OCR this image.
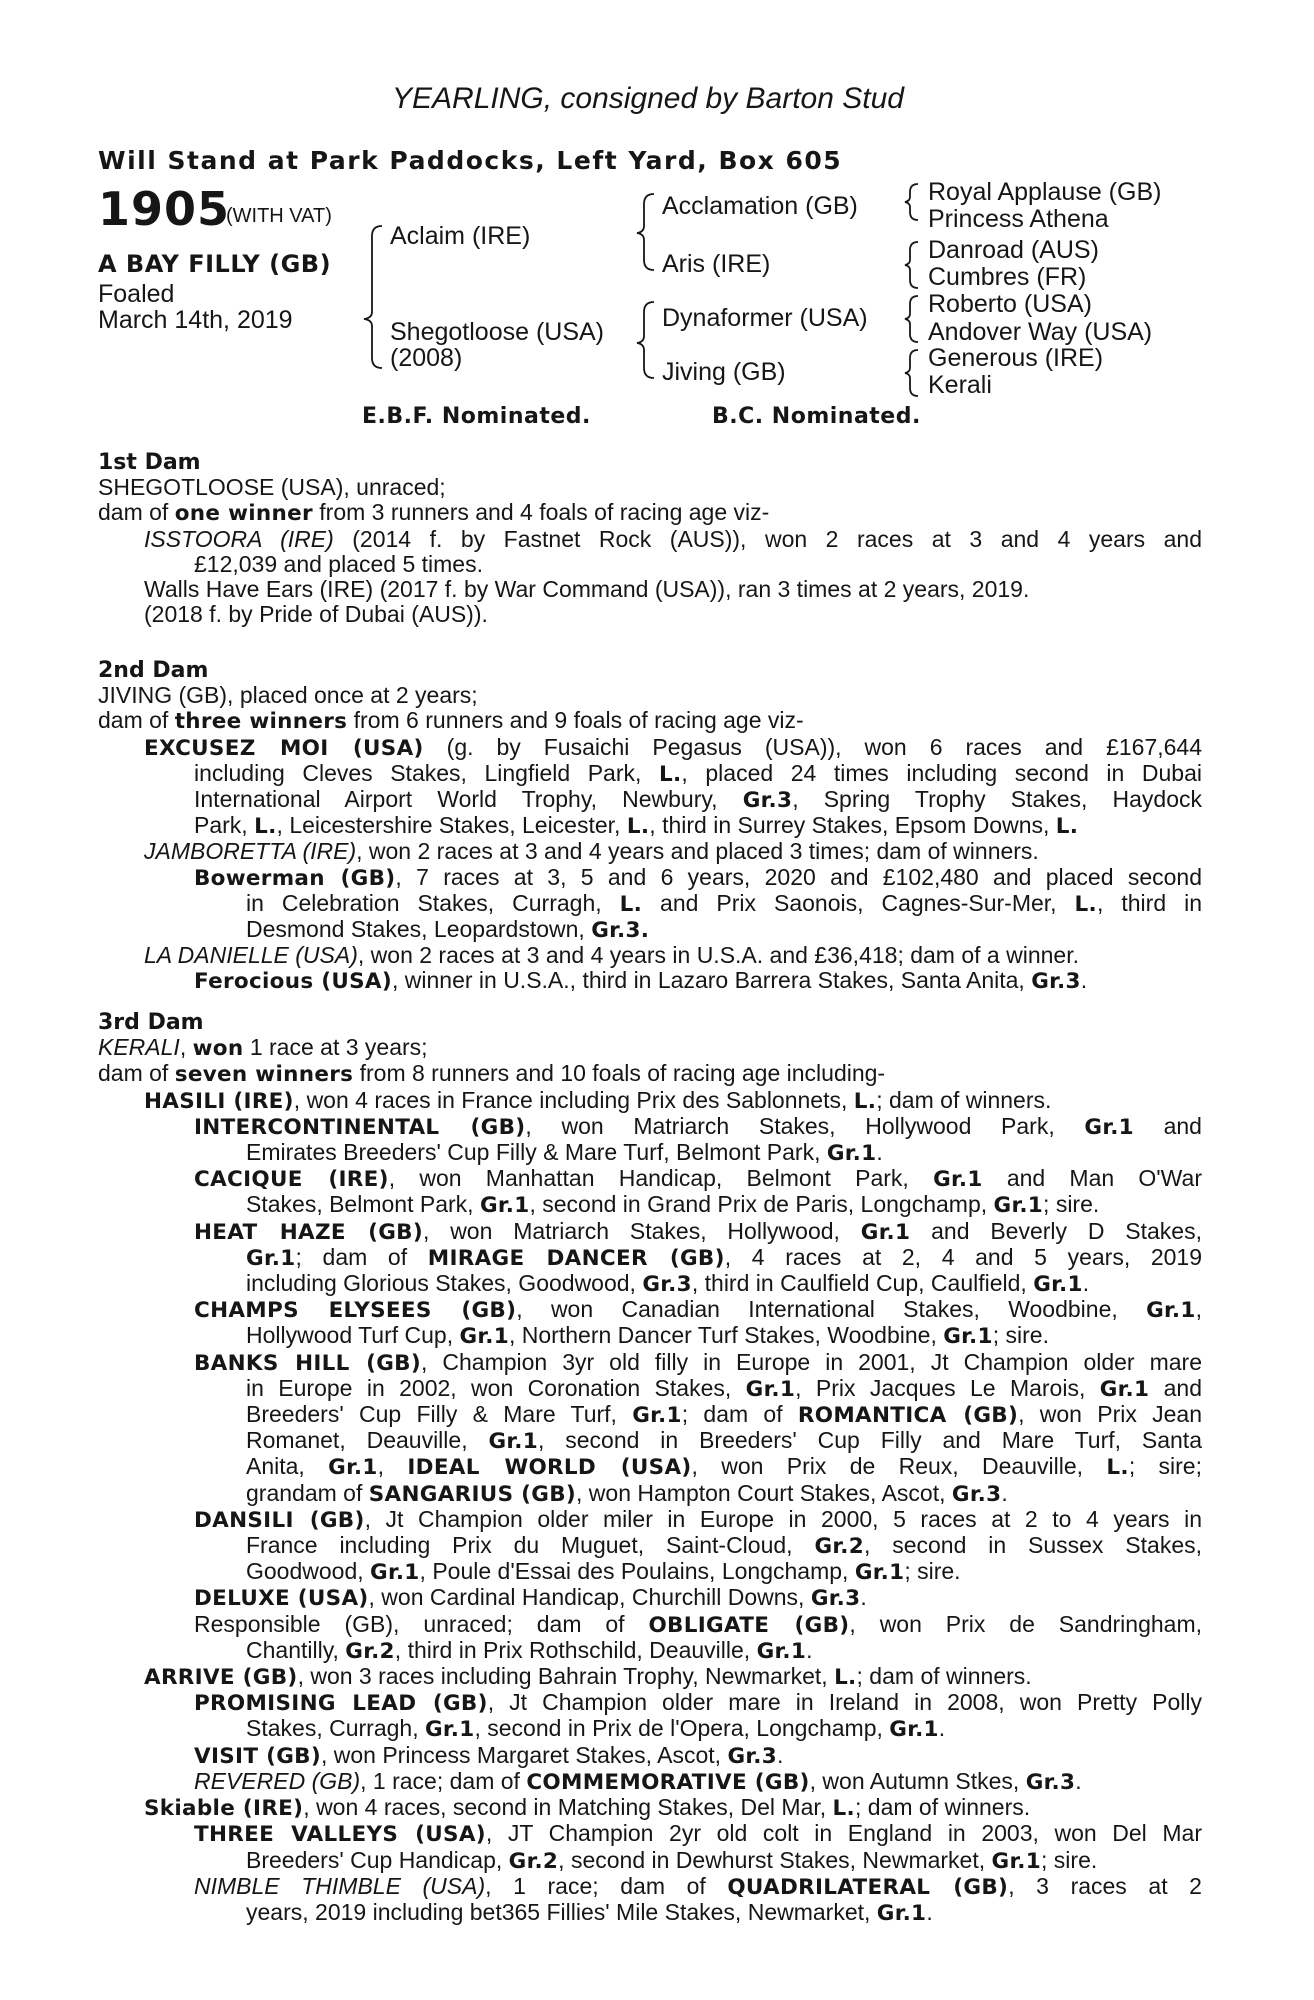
YEARLING, consigned by Barton Stud
Will Stand at Park Paddocks, Left Yard, Box 605
1905
(WITH VAT)
A BAY FILLY (GB)
Foaled
March 14th, 2019
Aclaim (IRE)
Shegotloose (USA)
(2008)
Acclamation (GB)
Aris (IRE)
Dynaformer (USA)
Jiving (GB)
Royal Applause (GB)
Princess Athena
Danroad (AUS)
Cumbres (FR)
Roberto (USA)
Andover Way (USA)
Generous (IRE)
Kerali
E.B.F. Nominated.	B.C. Nominated.
1st Dam
SHEGOTLOOSE (USA), unraced;
dam of one winner from 3 runners and 4 foals of racing age viz-
ISSTOORA (IRE) (2014 f. by Fastnet Rock (AUS)), won 2 races at 3 and 4 years and
£12,039 and placed 5 times.
Walls Have Ears (IRE) (2017 f. by War Command (USA)), ran 3 times at 2 years, 2019.
(2018 f. by Pride of Dubai (AUS)).
2nd Dam
JIVING (GB), placed once at 2 years;
dam of three winners from 6 runners and 9 foals of racing age viz-
EXCUSEZ MOI (USA) (g. by Fusaichi Pegasus (USA)), won 6 races and £167,644
including Cleves Stakes, Lingfield Park, L., placed 24 times including second in Dubai
International Airport World Trophy, Newbury, Gr.3, Spring Trophy Stakes, Haydock
Park, L., Leicestershire Stakes, Leicester, L., third in Surrey Stakes, Epsom Downs, L.
JAMBORETTA (IRE), won 2 races at 3 and 4 years and placed 3 times; dam of winners.
Bowerman (GB), 7 races at 3, 5 and 6 years, 2020 and £102,480 and placed second
in Celebration Stakes, Curragh, L. and Prix Saonois, Cagnes-Sur-Mer, L., third in
Desmond Stakes, Leopardstown, Gr.3.
LA DANIELLE (USA), won 2 races at 3 and 4 years in U.S.A. and £36,418; dam of a winner.
Ferocious (USA), winner in U.S.A., third in Lazaro Barrera Stakes, Santa Anita, Gr.3.
3rd Dam
KERALI, won 1 race at 3 years;
dam of seven winners from 8 runners and 10 foals of racing age including-
HASILI (IRE), won 4 races in France including Prix des Sablonnets, L.; dam of winners.
INTERCONTINENTAL (GB), won Matriarch Stakes, Hollywood Park, Gr.1 and
Emirates Breeders' Cup Filly & Mare Turf, Belmont Park, Gr.1.
CACIQUE (IRE), won Manhattan Handicap, Belmont Park, Gr.1 and Man O'War
Stakes, Belmont Park, Gr.1, second in Grand Prix de Paris, Longchamp, Gr.1; sire.
HEAT HAZE (GB), won Matriarch Stakes, Hollywood, Gr.1 and Beverly D Stakes,
Gr.1; dam of MIRAGE DANCER (GB), 4 races at 2, 4 and 5 years, 2019
including Glorious Stakes, Goodwood, Gr.3, third in Caulfield Cup, Caulfield, Gr.1.
CHAMPS ELYSEES (GB), won Canadian International Stakes, Woodbine, Gr.1,
Hollywood Turf Cup, Gr.1, Northern Dancer Turf Stakes, Woodbine, Gr.1; sire.
BANKS HILL (GB), Champion 3yr old filly in Europe in 2001, Jt Champion older mare
in Europe in 2002, won Coronation Stakes, Gr.1, Prix Jacques Le Marois, Gr.1 and
Breeders' Cup Filly & Mare Turf, Gr.1; dam of ROMANTICA (GB), won Prix Jean
Romanet, Deauville, Gr.1, second in Breeders' Cup Filly and Mare Turf, Santa
Anita, Gr.1, IDEAL WORLD (USA), won Prix de Reux, Deauville, L.; sire;
grandam of SANGARIUS (GB), won Hampton Court Stakes, Ascot, Gr.3.
DANSILI (GB), Jt Champion older miler in Europe in 2000, 5 races at 2 to 4 years in
France including Prix du Muguet, Saint-Cloud, Gr.2, second in Sussex Stakes,
Goodwood, Gr.1, Poule d'Essai des Poulains, Longchamp, Gr.1; sire.
DELUXE (USA), won Cardinal Handicap, Churchill Downs, Gr.3.
Responsible (GB), unraced; dam of OBLIGATE (GB), won Prix de Sandringham,
Chantilly, Gr.2, third in Prix Rothschild, Deauville, Gr.1.
ARRIVE (GB), won 3 races including Bahrain Trophy, Newmarket, L.; dam of winners.
PROMISING LEAD (GB), Jt Champion older mare in Ireland in 2008, won Pretty Polly
Stakes, Curragh, Gr.1, second in Prix de l'Opera, Longchamp, Gr.1.
VISIT (GB), won Princess Margaret Stakes, Ascot, Gr.3.
REVERED (GB), 1 race; dam of COMMEMORATIVE (GB), won Autumn Stkes, Gr.3.
Skiable (IRE), won 4 races, second in Matching Stakes, Del Mar, L.; dam of winners.
THREE VALLEYS (USA), JT Champion 2yr old colt in England in 2003, won Del Mar
Breeders' Cup Handicap, Gr.2, second in Dewhurst Stakes, Newmarket, Gr.1; sire.
NIMBLE THIMBLE (USA), 1 race; dam of QUADRILATERAL (GB), 3 races at 2
years, 2019 including bet365 Fillies' Mile Stakes, Newmarket, Gr.1.
